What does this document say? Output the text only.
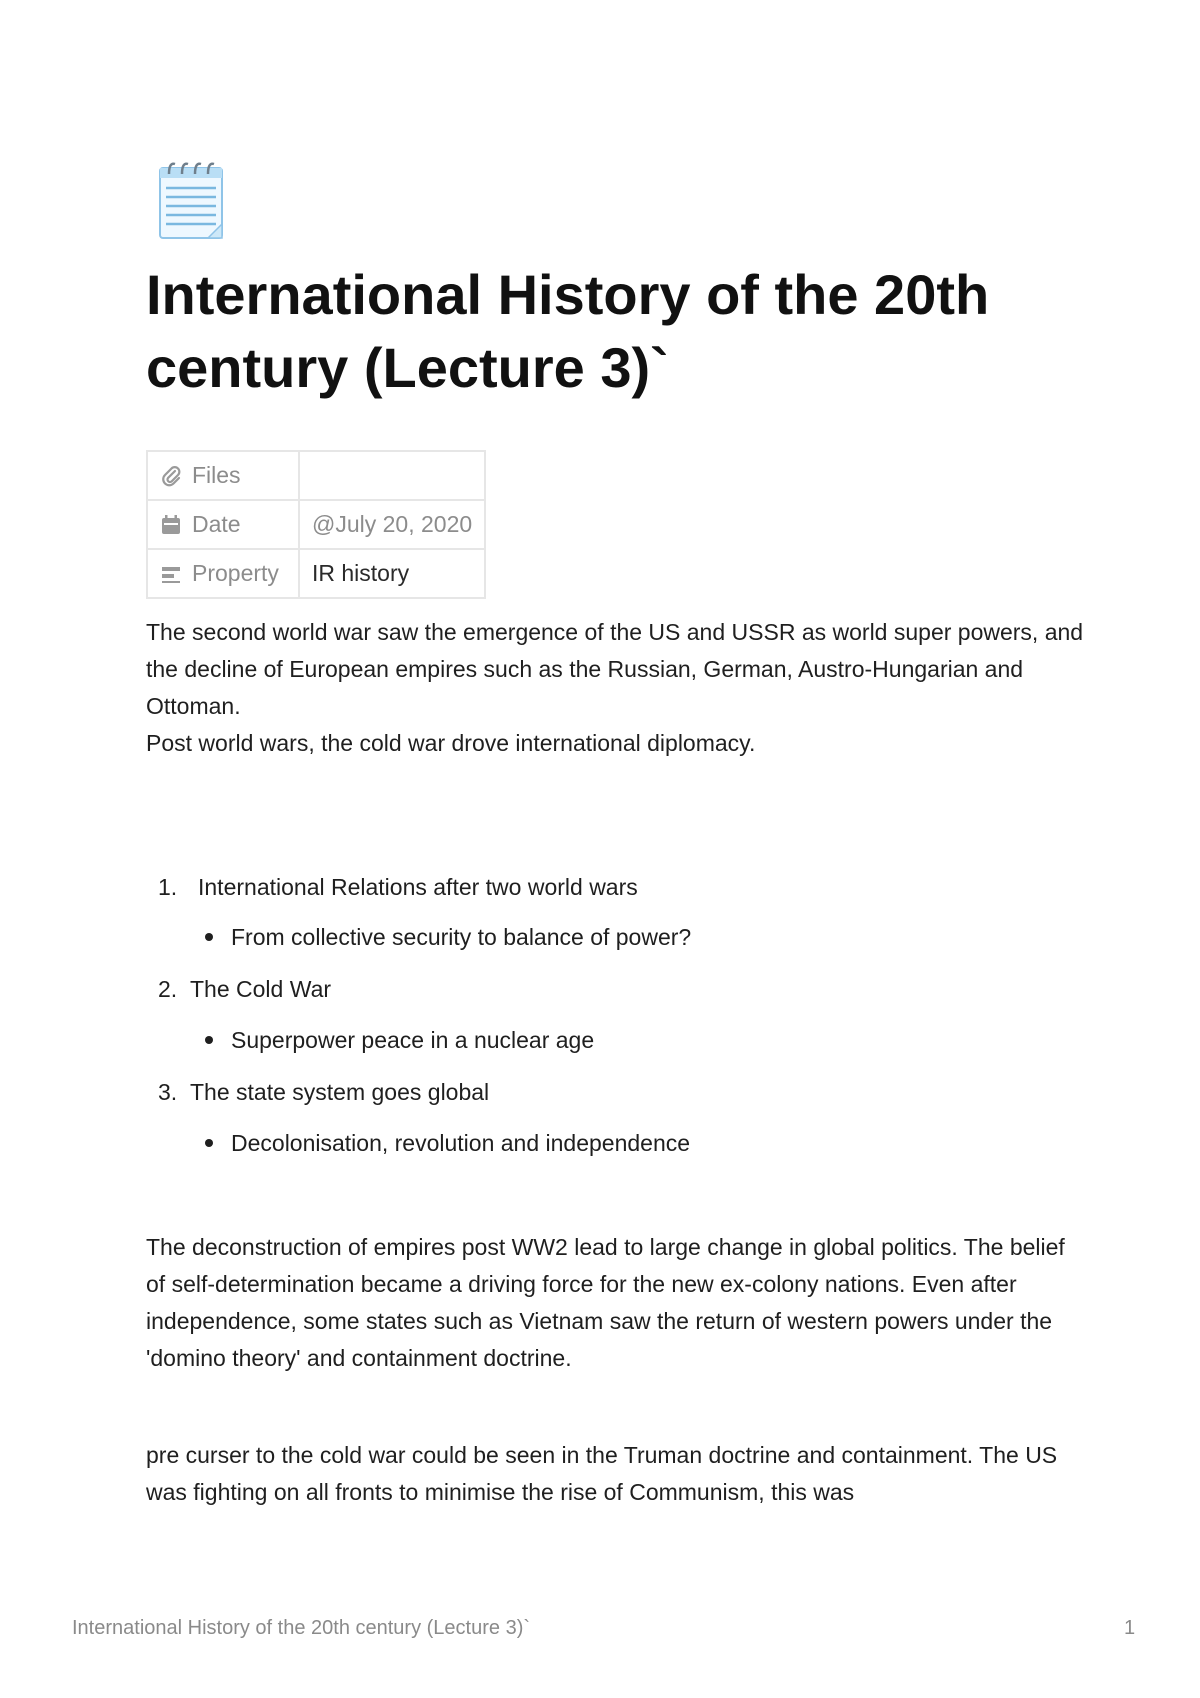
International History of the 20th century (Lecture 3)`
Files	
Date	@July 20, 2020
Property	IR history

The second world war saw the emergence of the US and USSR as world super powers, and the decline of European empires such as the Russian, German, Austro-Hungarian and Ottoman.

Post world wars, the cold war drove international diplomacy.

1. International Relations after two world wars
From collective security to balance of power?
2. The Cold War
Superpower peace in a nuclear age
3. The state system goes global
Decolonisation, revolution and independence

The deconstruction of empires post WW2 lead to large change in global politics. The belief of self-determination became a driving force for the new ex-colony nations. Even after independence, some states such as Vietnam saw the return of western powers under the 'domino theory' and containment doctrine.

pre curser to the cold war could be seen in the Truman doctrine and containment. The US was fighting on all fronts to minimise the rise of Communism, this was

International History of the 20th century (Lecture 3)`	1
